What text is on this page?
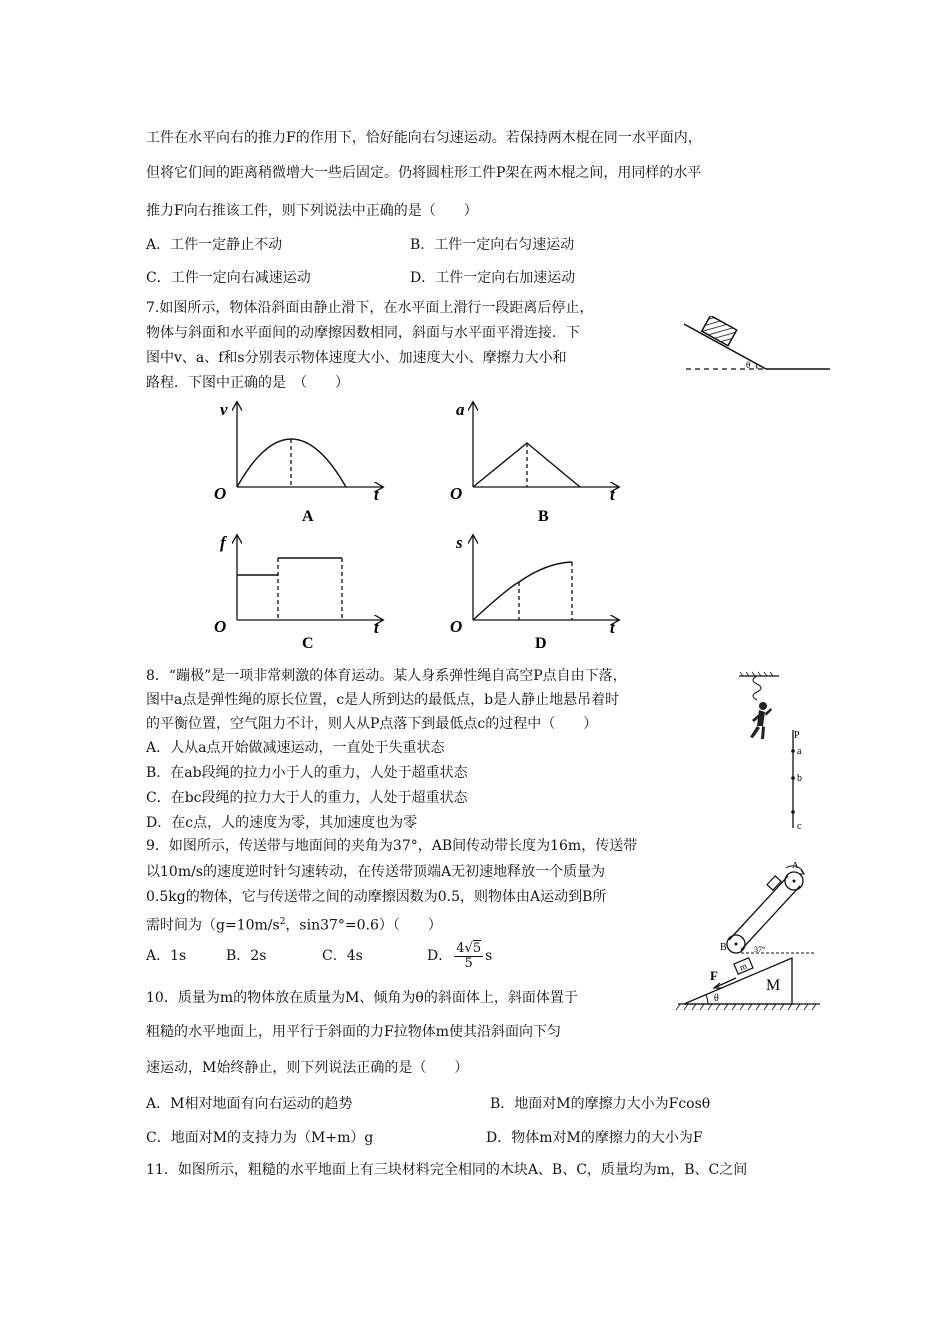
工件在水平向右的推力F的作用下，恰好能向右匀速运动。若保持两木棍在同一水平面内，
但将它们间的距离稍微增大一些后固定。仍将圆柱形工件P架在两木棍之间，用同样的水平
推力F向右推该工件，则下列说法中正确的是（　　）
A．工件一定静止不动	B．工件一定向右匀速运动
C．工件一定向右减速运动	D．工件一定向右加速运动
7.如图所示，物体沿斜面由静止滑下，在水平面上滑行一段距离后停止，
物体与斜面和水平面间的动摩擦因数相同，斜面与水平面平滑连接．下
图中v、a、f和s分别表示物体速度大小、加速度大小、摩擦力大小和
路程．下图中正确的是　（　　）
θ
v
O	t
A
a
O	t
B
f
O	t
C
s
O	t
D
8．“蹦极”是一项非常刺激的体育运动。某人身系弹性绳自高空P点自由下落，
图中a点是弹性绳的原长位置，c是人所到达的最低点，b是人静止地悬吊着时
的平衡位置，空气阻力不计，则人从P点落下到最低点c的过程中（　　）
A．人从a点开始做减速运动，一直处于失重状态
B．在ab段绳的拉力小于人的重力，人处于超重状态
C．在bc段绳的拉力大于人的重力，人处于超重状态
D．在c点，人的速度为零，其加速度也为零
P
a
b
c
9．如图所示，传送带与地面间的夹角为37°，AB间传动带长度为16m，传送带
以10m/s的速度逆时针匀速转动，在传送带顶端A无初速地释放一个质量为
0.5kg的物体，它与传送带之间的动摩擦因数为0.5，则物体由A运动到B所
需时间为（$g=10m/s^2$，sin37°=0.6）（　　）
A．1s	B．2s	C．4s	D． $\frac{4√5}{5}$ s
A
B	37°
m
F
M
θ
10．质量为m的物体放在质量为M、倾角为θ的斜面体上，斜面体置于
粗糙的水平地面上，用平行于斜面的力F拉物体m使其沿斜面向下匀
速运动，M始终静止，则下列说法正确的是（　　）
A．M相对地面有向右运动的趋势	B．地面对M的摩擦力大小为Fcosθ
C．地面对M的支持力为（M+m）g	D．物体m对M的摩擦力的大小为F
11．如图所示，粗糙的水平地面上有三块材料完全相同的木块A、B、C，质量均为m，B、C之间
